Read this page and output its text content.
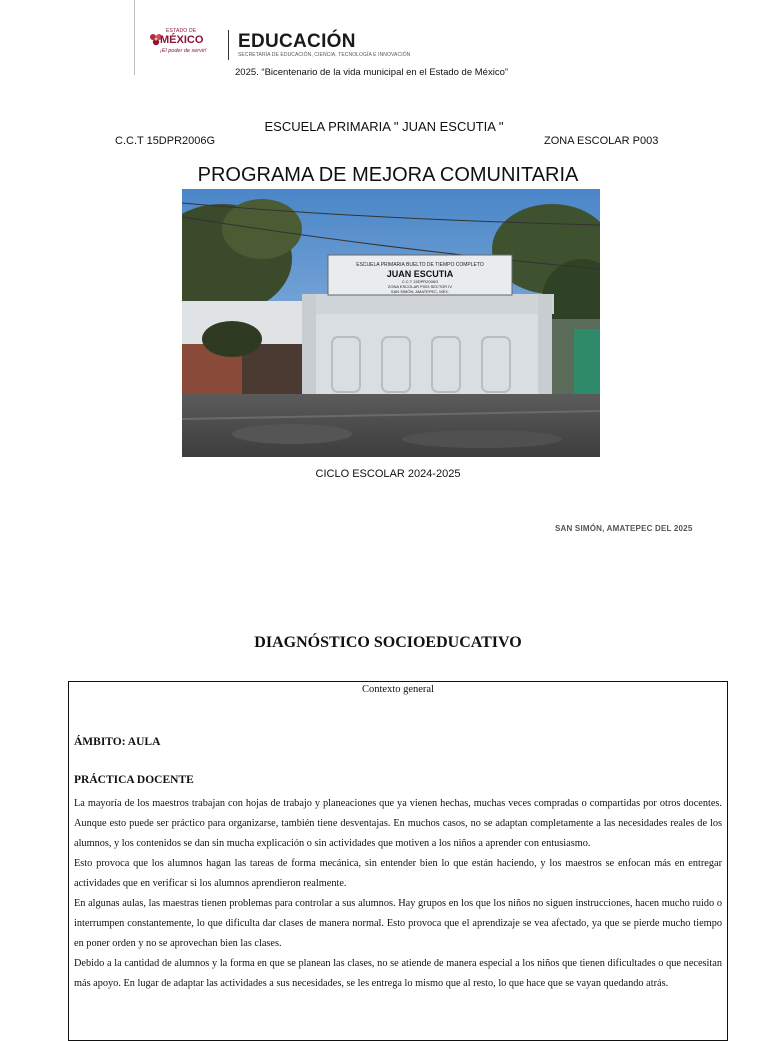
ESTADO DE
MÉXICO
¡El poder de servir! EDUCACIÓN
SECRETARÍA DE EDUCACIÓN, CIENCIA, TECNOLOGÍA E INNOVACIÓN
2025. “Bicentenario de la vida municipal en el Estado de México”
ESCUELA PRIMARIA " JUAN ESCUTIA "
C.C.T 15DPR2006G	ZONA ESCOLAR P003
PROGRAMA DE MEJORA COMUNITARIA
ESCUELA PRIMARIA BUELTO DE TIEMPO COMPLETO
JUAN ESCUTIA
C.C.T 15DPR2006G
ZONA ESCOLAR P003 SECTOR IV
SAN SIMÓN, AMATEPEC, MEX.
CICLO ESCOLAR 2024-2025
SAN SIMÓN, AMATEPEC DEL 2025
DIAGNÓSTICO SOCIOEDUCATIVO
Contexto general
ÁMBITO: AULA
PRÁCTICA DOCENTE

La mayoría de los maestros trabajan con hojas de trabajo y planeaciones que ya vienen hechas, muchas veces compradas o compartidas por otros docentes. Aunque esto puede ser práctico para organizarse, también tiene desventajas. En muchos casos, no se adaptan completamente a las necesidades reales de los alumnos, y los contenidos se dan sin mucha explicación o sin actividades que motiven a los niños a aprender con entusiasmo.

Esto provoca que los alumnos hagan las tareas de forma mecánica, sin entender bien lo que están haciendo, y los maestros se enfocan más en entregar actividades que en verificar si los alumnos aprendieron realmente.

En algunas aulas, las maestras tienen problemas para controlar a sus alumnos. Hay grupos en los que los niños no siguen instrucciones, hacen mucho ruido o interrumpen constantemente, lo que dificulta dar clases de manera normal. Esto provoca que el aprendizaje se vea afectado, ya que se pierde mucho tiempo en poner orden y no se aprovechan bien las clases.

Debido a la cantidad de alumnos y la forma en que se planean las clases, no se atiende de manera especial a los niños que tienen dificultades o que necesitan más apoyo. En lugar de adaptar las actividades a sus necesidades, se les entrega lo mismo que al resto, lo que hace que se vayan quedando atrás.
